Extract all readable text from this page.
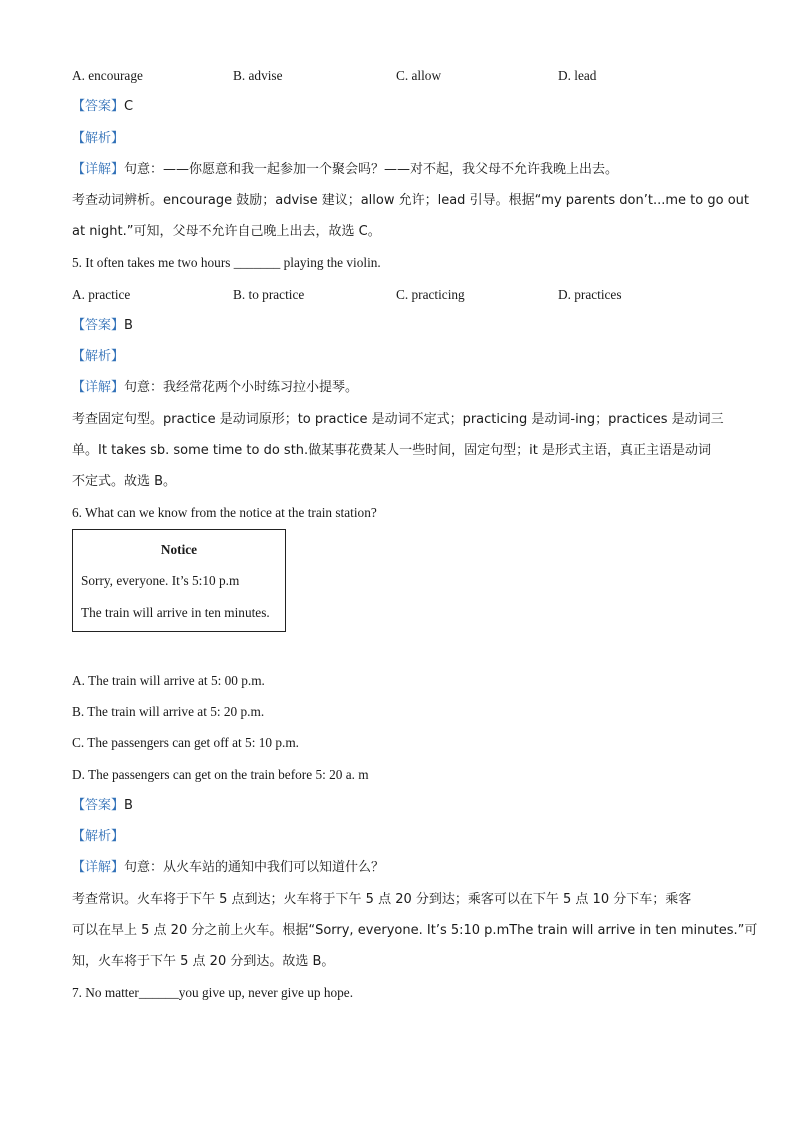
A. encourage	B. advise	C. allow	D. lead
【答案】C
【解析】
【详解】句意：——你愿意和我一起参加一个聚会吗？——对不起，我父母不允许我晚上出去。
考查动词辨析。encourage 鼓励；advise 建议；allow 允许；lead 引导。根据“my parents don’t...me to go out
at night.”可知，父母不允许自己晚上出去，故选 C。
5. It often takes me two hours _______ playing the violin.
A. practice	B. to practice	C. practicing	D. practices
【答案】B
【解析】
【详解】句意：我经常花两个小时练习拉小提琴。
考查固定句型。practice 是动词原形；to practice 是动词不定式；practicing 是动词-ing；practices 是动词三
单。It takes sb. some time to do sth.做某事花费某人一些时间，固定句型；it 是形式主语，真正主语是动词
不定式。故选 B。
6. What can we know from the notice at the train station?
Notice
Sorry, everyone. It’s 5:10 p.m
The train will arrive in ten minutes.
A. The train will arrive at 5: 00 p.m.
B. The train will arrive at 5: 20 p.m.
C. The passengers can get off at 5: 10 p.m.
D. The passengers can get on the train before 5: 20 a. m
【答案】B
【解析】
【详解】句意：从火车站的通知中我们可以知道什么？
考查常识。火车将于下午 5 点到达；火车将于下午 5 点 20 分到达；乘客可以在下午 5 点 10 分下车；乘客
可以在早上 5 点 20 分之前上火车。根据“Sorry, everyone. It’s 5:10 p.mThe train will arrive in ten minutes.”可
知，火车将于下午 5 点 20 分到达。故选 B。
7. No matter______you give up, never give up hope.
